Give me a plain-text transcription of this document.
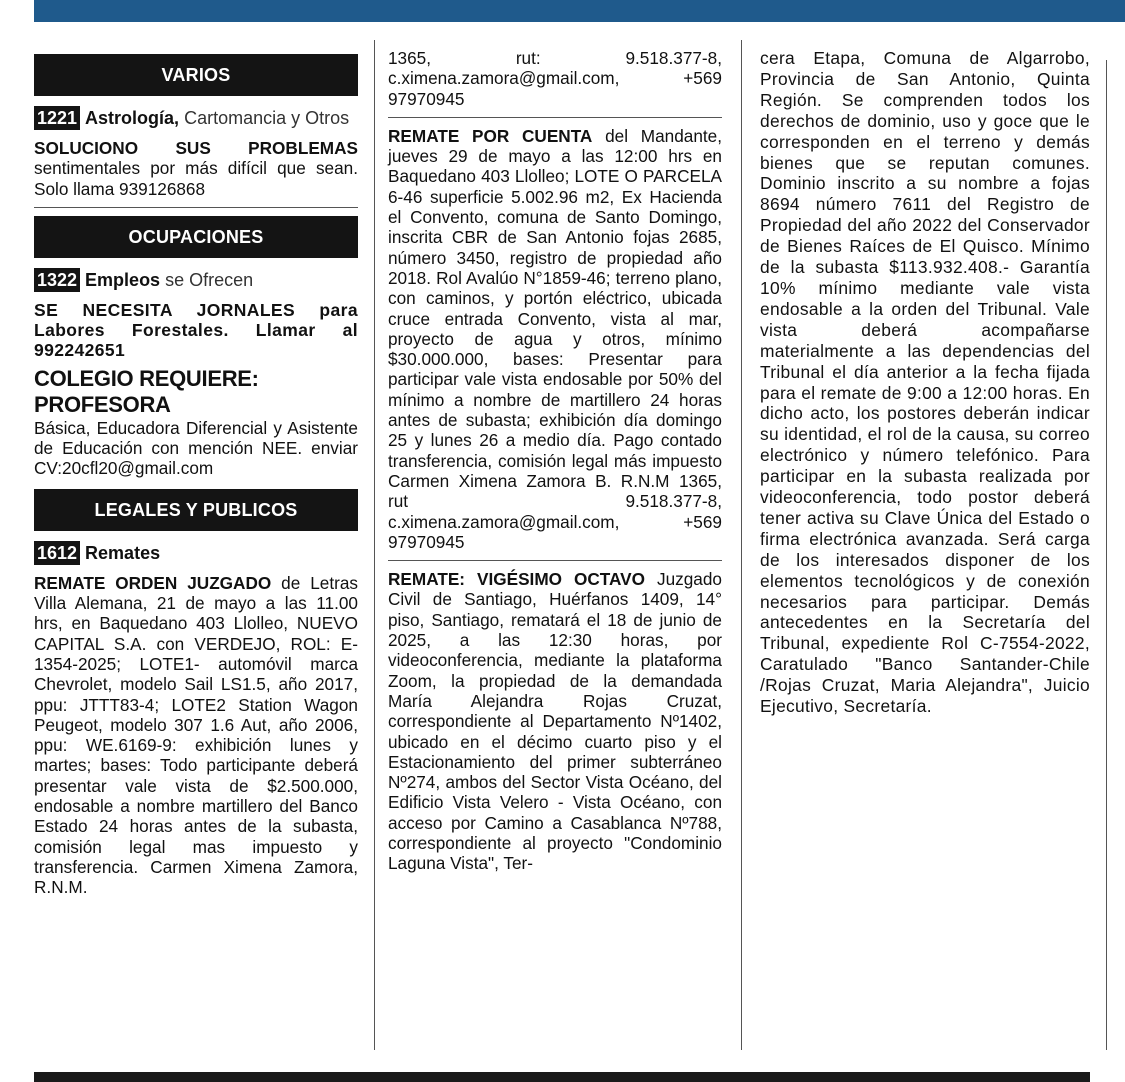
VARIOS
1221 Astrología, Cartomancia y Otros

SOLUCIONO SUS PROBLEMAS sentimentales por más difícil que sean. Solo llama 939126868

OCUPACIONES
1322 Empleos se Ofrecen

SE NECESITA JORNALES para Labores Forestales. Llamar al 992242651

COLEGIO REQUIERE: PROFESORA

Básica, Educadora Diferencial y Asistente de Educación con mención NEE. enviar CV:20cfl20@gmail.com

LEGALES Y PUBLICOS
1612 Remates

REMATE ORDEN JUZGADO de Letras Villa Alemana, 21 de mayo a las 11.00 hrs, en Baquedano 403 Llolleo, NUEVO CAPITAL S.A. con VERDEJO, ROL: E-1354-2025; LOTE1- automóvil marca Chevrolet, modelo Sail LS1.5, año 2017, ppu: JTTT83-4; LOTE2 Station Wagon Peugeot, modelo 307 1.6 Aut, año 2006, ppu: WE.6169-9: exhibición lunes y martes; bases: Todo participante deberá presentar vale vista de $2.500.000, endosable a nombre martillero del Banco Estado 24 horas antes de la subasta, comisión legal mas impuesto y transferencia. Carmen Ximena Zamora, R.N.M.

1365, rut: 9.518.377-8, c.ximena.zamora@gmail.com, +569 97970945

REMATE POR CUENTA del Mandante, jueves 29 de mayo a las 12:00 hrs en Baquedano 403 Llolleo; LOTE O PARCELA 6-46 superficie 5.002.96 m2, Ex Hacienda el Convento, comuna de Santo Domingo, inscrita CBR de San Antonio fojas 2685, número 3450, registro de propiedad año 2018. Rol Avalúo N°1859-46; terreno plano, con caminos, y portón eléctrico, ubicada cruce entrada Convento, vista al mar, proyecto de agua y otros, mínimo $30.000.000, bases: Presentar para participar vale vista endosable por 50% del mínimo a nombre de martillero 24 horas antes de subasta; exhibición día domingo 25 y lunes 26 a medio día. Pago contado transferencia, comisión legal más impuesto Carmen Ximena Zamora B. R.N.M 1365, rut 9.518.377-8, c.ximena.zamora@gmail.com, +569 97970945

REMATE: VIGÉSIMO OCTAVO Juzgado Civil de Santiago, Huérfanos 1409, 14° piso, Santiago, rematará el 18 de junio de 2025, a las 12:30 horas, por videoconferencia, mediante la plataforma Zoom, la propiedad de la demandada María Alejandra Rojas Cruzat, correspondiente al Departamento Nº1402, ubicado en el décimo cuarto piso y el Estacionamiento del primer subterráneo Nº274, ambos del Sector Vista Océano, del Edificio Vista Velero - Vista Océano, con acceso por Camino a Casablanca Nº788, correspondiente al proyecto "Condominio Laguna Vista", Ter-

cera Etapa, Comuna de Algarrobo, Provincia de San Antonio, Quinta Región. Se comprenden todos los derechos de dominio, uso y goce que le corresponden en el terreno y demás bienes que se reputan comunes. Dominio inscrito a su nombre a fojas 8694 número 7611 del Registro de Propiedad del año 2022 del Conservador de Bienes Raíces de El Quisco. Mínimo de la subasta $113.932.408.- Garantía 10% mínimo mediante vale vista endosable a la orden del Tribunal. Vale vista deberá acompañarse materialmente a las dependencias del Tribunal el día anterior a la fecha fijada para el remate de 9:00 a 12:00 horas. En dicho acto, los postores deberán indicar su identidad, el rol de la causa, su correo electrónico y número telefónico. Para participar en la subasta realizada por videoconferencia, todo postor deberá tener activa su Clave Única del Estado o firma electrónica avanzada. Será carga de los interesados disponer de los elementos tecnológicos y de conexión necesarios para participar. Demás antecedentes en la Secretaría del Tribunal, expediente Rol C-7554-2022, Caratulado "Banco Santander-Chile /Rojas Cruzat, Maria Alejandra", Juicio Ejecutivo, Secretaría.
